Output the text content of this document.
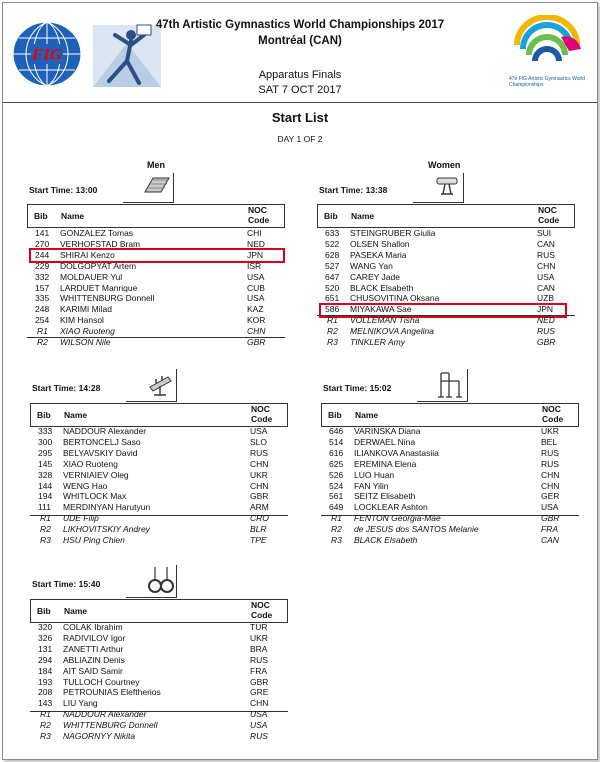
FIG
47th Artistic Gymnastics World Championships 2017
Montréal (CAN)
Apparatus Finals
SAT 7 OCT 2017
47e FIG Artistic Gymnastics World Championships
Start List
DAY 1 OF 2
Men	Women
Start Time: 13:00
Bib Name
NOC Code
141 GONZALEZ Tomas	CHI
270 VERHOFSTAD Bram	NED
244 SHIRAI Kenzo	JPN
229 DOLGOPYAT Artem	ISR
332 MOLDAUER Yul	USA
157 LARDUET Manrique	CUB
335 WHITTENBURG Donnell	USA
248 KARIMI Milad	KAZ
254 KIM Hansol	KOR
R1 XIAO Ruoteng	CHN
R2 WILSON Nile	GBR
Start Time: 13:38
Bib Name
NOC Code
633 STEINGRUBER Giulia	SUI
522 OLSEN Shallon	CAN
628 PASEKA Maria	RUS
527 WANG Yan	CHN
647 CAREY Jade	USA
520 BLACK Elsabeth	CAN
651 CHUSOVITINA Oksana	UZB
586 MIYAKAWA Sae	JPN
R1 VOLLEMAN Tisha	NED
R2 MELNIKOVA Angelina	RUS
R3 TINKLER Amy	GBR
Start Time: 14:28
Bib Name
NOC Code
333 NADDOUR Alexander	USA
300 BERTONCELJ Saso	SLO
295 BELYAVSKIY David	RUS
145 XIAO Ruoteng	CHN
328 VERNIAIEV Oleg	UKR
144 WENG Hao	CHN
194 WHITLOCK Max	GBR
111 MERDINYAN Harutyun	ARM
R1 UDE Filip	CRO
R2 LIKHOVITSKIY Andrey	BLR
R3 HSU Ping Chien	TPE
Start Time: 15:02
Bib Name
NOC Code
646 VARINSKA Diana	UKR
514 DERWAEL Nina	BEL
616 ILIANKOVA Anastasiia	RUS
625 EREMINA Elena	RUS
526 LUO Huan	CHN
524 FAN Yilin	CHN
561 SEITZ Elisabeth	GER
649 LOCKLEAR Ashton	USA
R1 FENTON Georgia-Mae	GBR
R2 de JESUS dos SANTOS Melanie	FRA
R3 BLACK Elsabeth	CAN
Start Time: 15:40
Bib Name
NOC Code
320 COLAK Ibrahim	TUR
326 RADIVILOV Igor	UKR
131 ZANETTI Arthur	BRA
294 ABLIAZIN Denis	RUS
184 AIT SAID Samir	FRA
193 TULLOCH Courtney	GBR
208 PETROUNIAS Eleftherios	GRE
143 LIU Yang	CHN
R1 NADDOUR Alexander	USA
R2 WHITTENBURG Donnell	USA
R3 NAGORNYY Nikita	RUS
